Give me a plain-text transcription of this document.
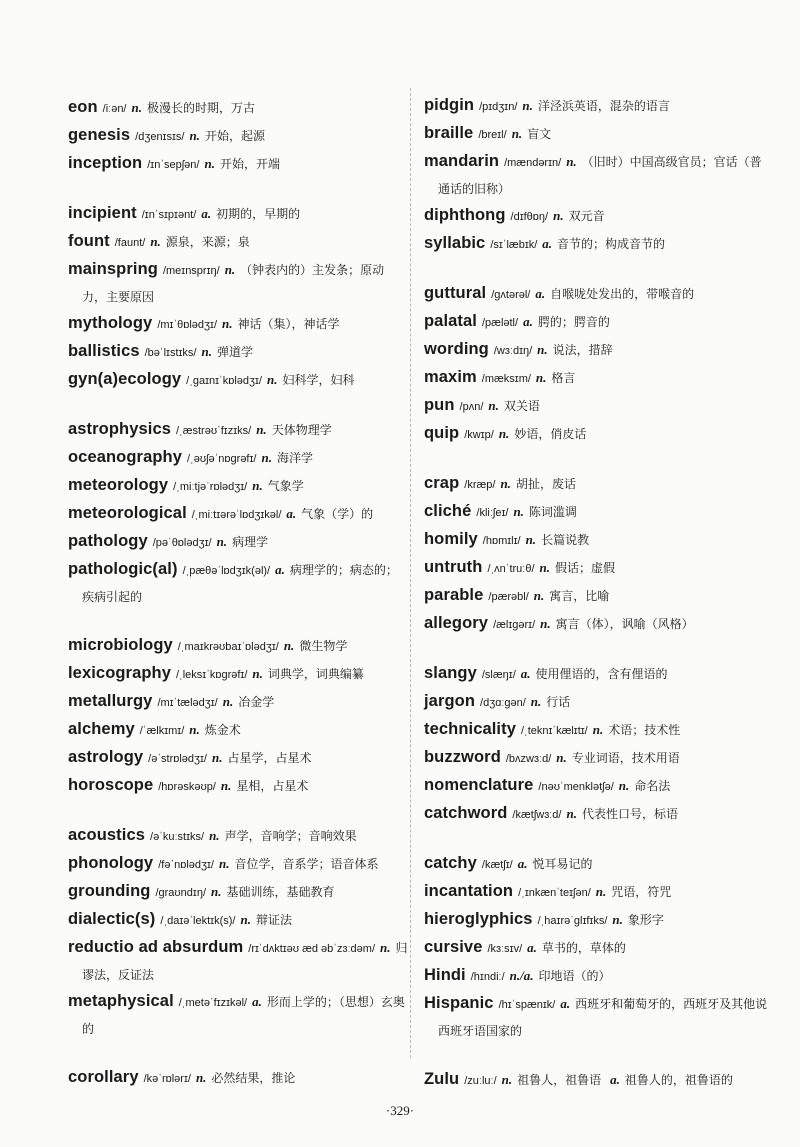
eon /iːən/ n. 极漫长的时期，万古
genesis /dʒenɪsɪs/ n. 开始，起源
inception /ɪnˈsepʃən/ n. 开始，开端
incipient /ɪnˈsɪpɪənt/ a. 初期的，早期的
fount /faunt/ n. 源泉，来源；泉
mainspring /meɪnsprɪŋ/ n. （钟表内的）主发条；原动力，主要原因
mythology /mɪˈθɒlədʒɪ/ n. 神话（集），神话学
ballistics /bəˈlɪstɪks/ n. 弹道学
gyn(a)ecology /ˌgaɪnɪˈkɒlədʒɪ/ n. 妇科学，妇科
astrophysics /ˌæstrəʊˈfɪzɪks/ n. 天体物理学
oceanography /ˌəʊʃəˈnɒgrəfɪ/ n. 海洋学
meteorology /ˌmiːtjəˈrɒlədʒɪ/ n. 气象学
meteorological /ˌmiːtɪərəˈlɒdʒɪkəl/ a. 气象（学）的
pathology /pəˈθɒlədʒɪ/ n. 病理学
pathologic(al) /ˌpæθəˈlɒdʒɪk(əl)/ a. 病理学的；病态的；疾病引起的
microbiology /ˌmaɪkrəʊbaɪˈɒlədʒɪ/ n. 微生物学
lexicography /ˌleksɪˈkɒgrəfɪ/ n. 词典学，词典编纂
metallurgy /mɪˈtælədʒɪ/ n. 冶金学
alchemy /ˈælkɪmɪ/ n. 炼金术
astrology /əˈstrɒlədʒɪ/ n. 占星学，占星术
horoscope /hɒrəskəʊp/ n. 星相，占星术
acoustics /əˈkuːstɪks/ n. 声学，音响学；音响效果
phonology /fəˈnɒlədʒɪ/ n. 音位学，音系学；语音体系
grounding /graʊndɪŋ/ n. 基础训练，基础教育
dialectic(s) /ˌdaɪəˈlektɪk(s)/ n. 辩证法
reductio ad absurdum /rɪˈdʌktɪəʊ æd əbˈzɜːdəm/ n. 归谬法，反证法
metaphysical /ˌmetəˈfɪzɪkəl/ a. 形而上学的；（思想）玄奥的
corollary /kəˈrɒlərɪ/ n. 必然结果，推论
pidgin /pɪdʒɪn/ n. 洋泾浜英语，混杂的语言
braille /breɪl/ n. 盲文
mandarin /mændərɪn/ n. （旧时）中国高级官员；官话（普通话的旧称）
diphthong /dɪfθɒŋ/ n. 双元音
syllabic /sɪˈlæbɪk/ a. 音节的；构成音节的
guttural /gʌtərəl/ a. 自喉咙处发出的，带喉音的
palatal /pælətl/ a. 腭的；腭音的
wording /wɜːdɪŋ/ n. 说法，措辞
maxim /mæksɪm/ n. 格言
pun /pʌn/ n. 双关语
quip /kwɪp/ n. 妙语，俏皮话
crap /kræp/ n. 胡扯，废话
cliché /kliːʃeɪ/ n. 陈词滥调
homily /hɒmɪlɪ/ n. 长篇说教
untruth /ˌʌnˈtruːθ/ n. 假话；虚假
parable /pærəbl/ n. 寓言，比喻
allegory /ælɪgərɪ/ n. 寓言（体），讽喻（风格）
slangy /slæŋɪ/ a. 使用俚语的，含有俚语的
jargon /dʒɑːgən/ n. 行话
technicality /ˌteknɪˈkælɪtɪ/ n. 术语；技术性
buzzword /bʌzwɜːd/ n. 专业词语，技术用语
nomenclature /nəʊˈmenklətʃə/ n. 命名法
catchword /kætʃwɜːd/ n. 代表性口号，标语
catchy /kætʃɪ/ a. 悦耳易记的
incantation /ˌɪnkænˈteɪʃən/ n. 咒语，符咒
hieroglyphics /ˌhaɪrəˈglɪfɪks/ n. 象形字
cursive /kɜːsɪv/ a. 草书的，草体的
Hindi /hɪndiː/ n./a. 印地语（的）
Hispanic /hɪˈspænɪk/ a. 西班牙和葡萄牙的，西班牙及其他说西班牙语国家的
Zulu /zuːluː/ n. 祖鲁人，祖鲁语 a. 祖鲁人的，祖鲁语的
·329·
